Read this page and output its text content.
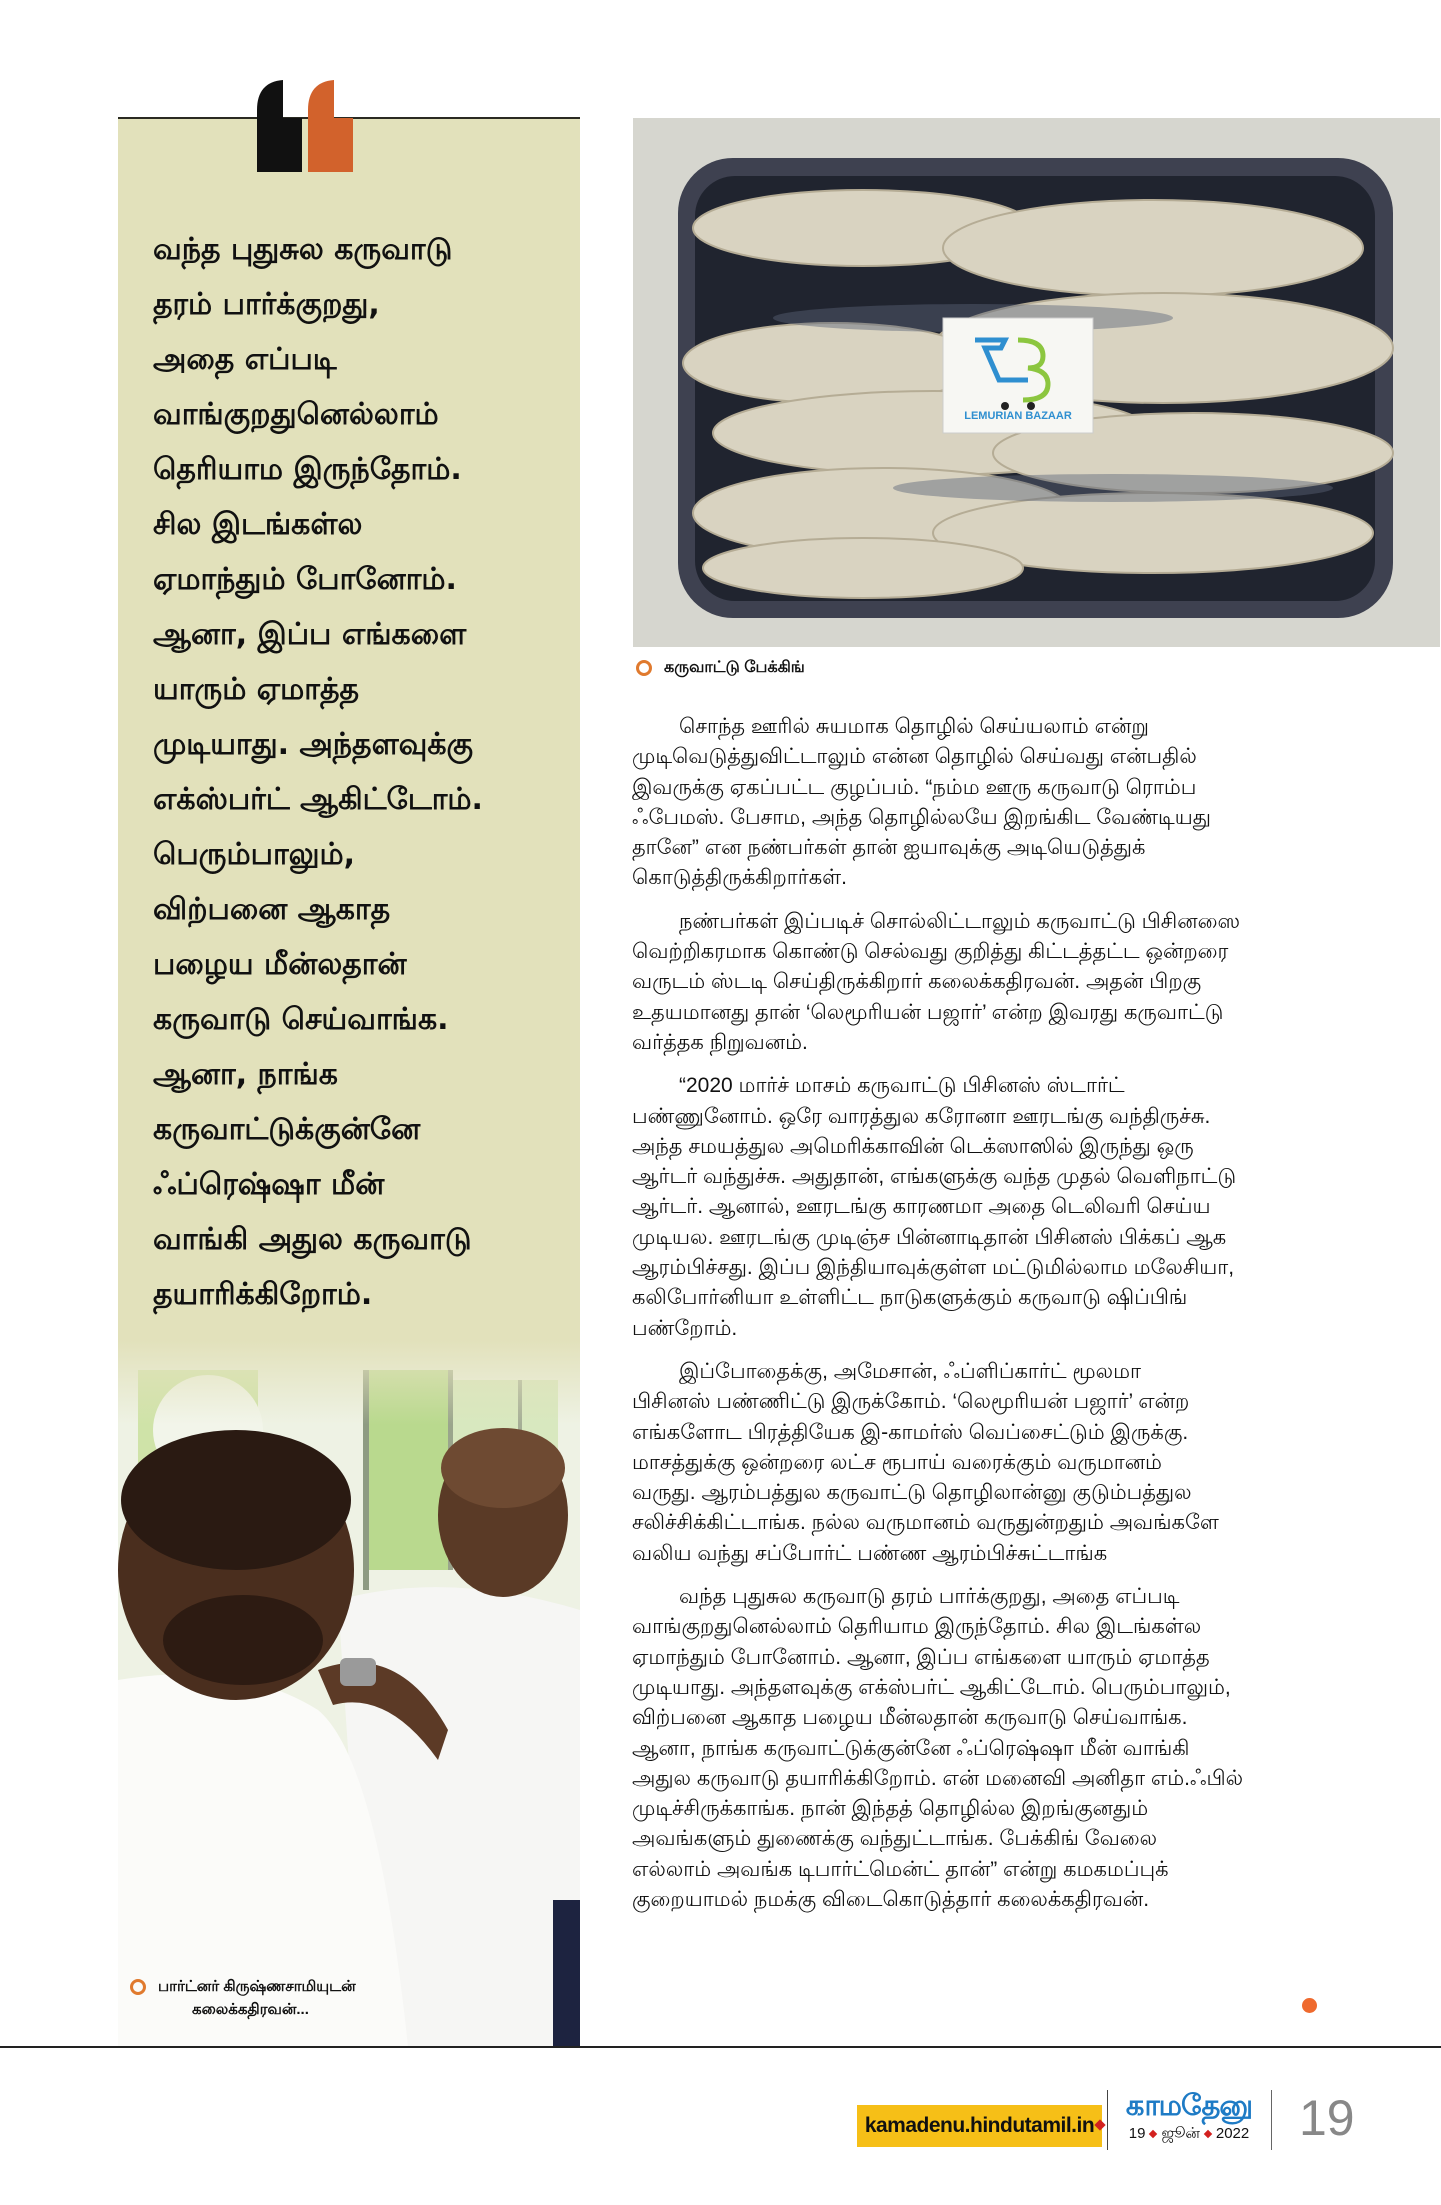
வந்த புதுசுல கருவாடு
தரம் பார்க்குறது,
அதை எப்படி
வாங்குறதுனெல்லாம்
தெரியாம இருந்தோம்.
சில இடங்கள்ல
ஏமாந்தும் போனோம்.
ஆனா, இப்ப எங்களை
யாரும் ஏமாத்த
முடியாது. அந்தளவுக்கு
எக்ஸ்பர்ட் ஆகிட்டோம்.
பெரும்பாலும்,
விற்பனை ஆகாத
பழைய மீன்லதான்
கருவாடு செய்வாங்க.
ஆனா, நாங்க
கருவாட்டுக்குன்னே
ஃப்ரெஷ்ஷா மீன்
வாங்கி அதுல கருவாடு
தயாரிக்கிறோம்.
பார்ட்னர் கிருஷ்ணசாமியுடன்
கலைக்கதிரவன்...
LEMURIAN BAZAAR
கருவாட்டு பேக்கிங்

சொந்த ஊரில் சுயமாக தொழில் செய்யலாம் என்று
முடிவெடுத்துவிட்டாலும் என்ன தொழில் செய்வது என்பதில்
இவருக்கு ஏகப்பட்ட குழப்பம். “நம்ம ஊரு கருவாடு ரொம்ப
ஃபேமஸ். பேசாம, அந்த தொழில்லயே இறங்கிட வேண்டியது
தானே” என நண்பர்கள் தான் ஐயாவுக்கு அடியெடுத்துக்
கொடுத்திருக்கிறார்கள்.

நண்பர்கள் இப்படிச் சொல்லிட்டாலும் கருவாட்டு பிசினஸை
வெற்றிகரமாக கொண்டு செல்வது குறித்து கிட்டத்தட்ட ஒன்றரை
வருடம் ஸ்டடி செய்திருக்கிறார் கலைக்கதிரவன். அதன் பிறகு
உதயமானது தான் ‘லெமூரியன் பஜார்’ என்ற இவரது கருவாட்டு
வர்த்தக நிறுவனம்.

“2020 மார்ச் மாசம் கருவாட்டு பிசினஸ் ஸ்டார்ட்
பண்ணுனோம். ஒரே வாரத்துல கரோனா ஊரடங்கு வந்திருச்சு.
அந்த சமயத்துல அமெரிக்காவின் டெக்ஸாஸில் இருந்து ஒரு
ஆர்டர் வந்துச்சு. அதுதான், எங்களுக்கு வந்த முதல் வெளிநாட்டு
ஆர்டர். ஆனால், ஊரடங்கு காரணமா அதை டெலிவரி செய்ய
முடியல. ஊரடங்கு முடிஞ்ச பின்னாடிதான் பிசினஸ் பிக்கப் ஆக
ஆரம்பிச்சது. இப்ப இந்தியாவுக்குள்ள மட்டுமில்லாம மலேசியா,
கலிபோர்னியா உள்ளிட்ட நாடுகளுக்கும் கருவாடு ஷிப்பிங்
பண்றோம்.

இப்போதைக்கு, அமேசான், ஃப்ளிப்கார்ட் மூலமா
பிசினஸ் பண்ணிட்டு இருக்கோம். ‘லெமூரியன் பஜார்’ என்ற
எங்களோட பிரத்தியேக இ-காமர்ஸ் வெப்சைட்டும் இருக்கு.
மாசத்துக்கு ஒன்றரை லட்ச ரூபாய் வரைக்கும் வருமானம்
வருது. ஆரம்பத்துல கருவாட்டு தொழிலான்னு குடும்பத்துல
சலிச்சிக்கிட்டாங்க. நல்ல வருமானம் வருதுன்றதும் அவங்களே
வலிய வந்து சப்போர்ட் பண்ண ஆரம்பிச்சுட்டாங்க

வந்த புதுசுல கருவாடு தரம் பார்க்குறது, அதை எப்படி
வாங்குறதுனெல்லாம் தெரியாம இருந்தோம். சில இடங்கள்ல
ஏமாந்தும் போனோம். ஆனா, இப்ப எங்களை யாரும் ஏமாத்த
முடியாது. அந்தளவுக்கு எக்ஸ்பர்ட் ஆகிட்டோம். பெரும்பாலும்,
விற்பனை ஆகாத பழைய மீன்லதான் கருவாடு செய்வாங்க.
ஆனா, நாங்க கருவாட்டுக்குன்னே ஃப்ரெஷ்ஷா மீன் வாங்கி
அதுல கருவாடு தயாரிக்கிறோம். என் மனைவி அனிதா எம்.ஃபில்
முடிச்சிருக்காங்க. நான் இந்தத் தொழில்ல இறங்குனதும்
அவங்களும் துணைக்கு வந்துட்டாங்க. பேக்கிங் வேலை
எல்லாம் அவங்க டிபார்ட்மென்ட் தான்” என்று கமகமப்புக்
குறையாமல் நமக்கு விடைகொடுத்தார் கலைக்கதிரவன்.

kamadenu.hindutamil.in
காமதேனு
19 ஜூன் 2022 19
